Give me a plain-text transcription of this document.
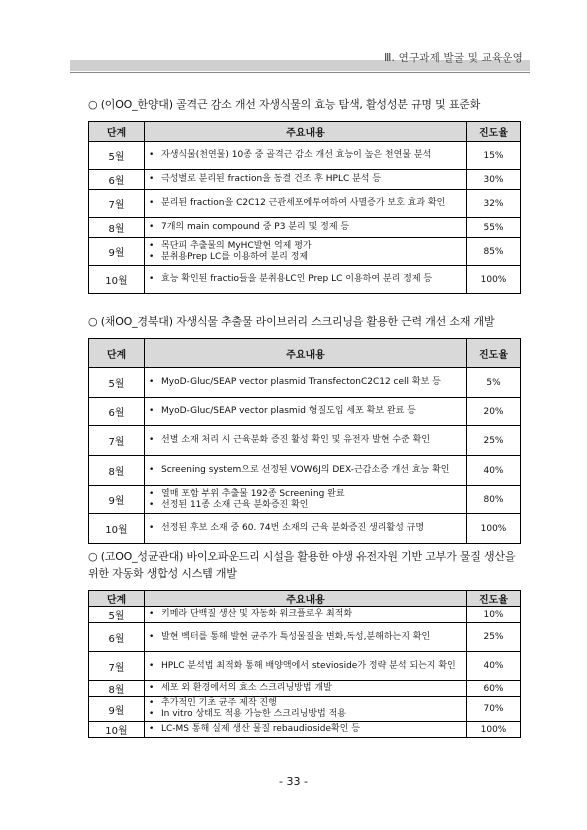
Ⅲ. 연구과제 발굴 및 교육운영
○ (이OO_한양대) 골격근 감소 개선 자생식물의 효능 탐색, 활성성분 규명 및 표준화
단계	주요내용	진도율
5월	• 자생식물(천연물) 10종 중 골격근 감소 개선 효능이 높은 천연물 분석	15%
6월	• 극성별로 분리된 fraction을 동결 건조 후 HPLC 분석 등	30%
7월	• 분리된 fraction을 C2C12 근관세포에투여하여 사멸증가 보호 효과 확인	32%
8월	• 7개의 main compound 중 P3 분리 및 정제 등	55%
9월	• 목단피 추출물의 MyHC발현 억제 평가
• 분취용Prep LC를 이용하여 분리 정제	85%
10월	• 효능 확인된 fractio들을 분취용LC인 Prep LC 이용하여 분리 정제 등	100%
○ (채OO_경북대) 자생식물 추출물 라이브러리 스크리닝을 활용한 근력 개선 소재 개발
단계	주요내용	진도율
5월	• MyoD-Gluc/SEAP vector plasmid TransfectonC2C12 cell 확보 등	5%
6월	• MyoD-Gluc/SEAP vector plasmid 형질도입 세포 확보 완료 등	20%
7월	• 선별 소재 처리 시 근육분화 증진 활성 확인 및 유전자 발현 수준 확인	25%
8월	• Screening system으로 선정된 VOW6J의 DEX-근감소증 개선 효능 확인	40%
9월	• 열매 포함 부위 추출물 192종 Screening 완료
• 선정된 11종 소재 근육 분화증진 확인	80%
10월	• 선정된 후보 소재 중 60. 74번 소재의 근육 분화증진 생리활성 규명	100%
○ (고OO_성균관대) 바이오파운드리 시설을 활용한 야생 유전자원 기반 고부가 물질 생산을 위한 자동화 생합성 시스템 개발
단계	주요내용	진도율
5월	• 키메라 단백질 생산 및 자동화 워크플로우 최적화	10%
6월	• 발현 벡터를 통해 발현 균주가 특성물질을 변화,독성,분해하는지 확인	25%
7월	• HPLC 분석법 최적화 통해 배양액에서 stevioside가 정략 분석 되는지 확인	40%
8월	• 세포 외 환경에서의 효소 스크리닝방법 개발	60%
9월	• 추가적인 기초 균주 제작 진행
• In vitro 상태도 적용 가능한 스크리닝방법 적용	70%
10월	• LC-MS 통해 실제 생산 물질 rebaudioside확인 등	100%
- 33 -
